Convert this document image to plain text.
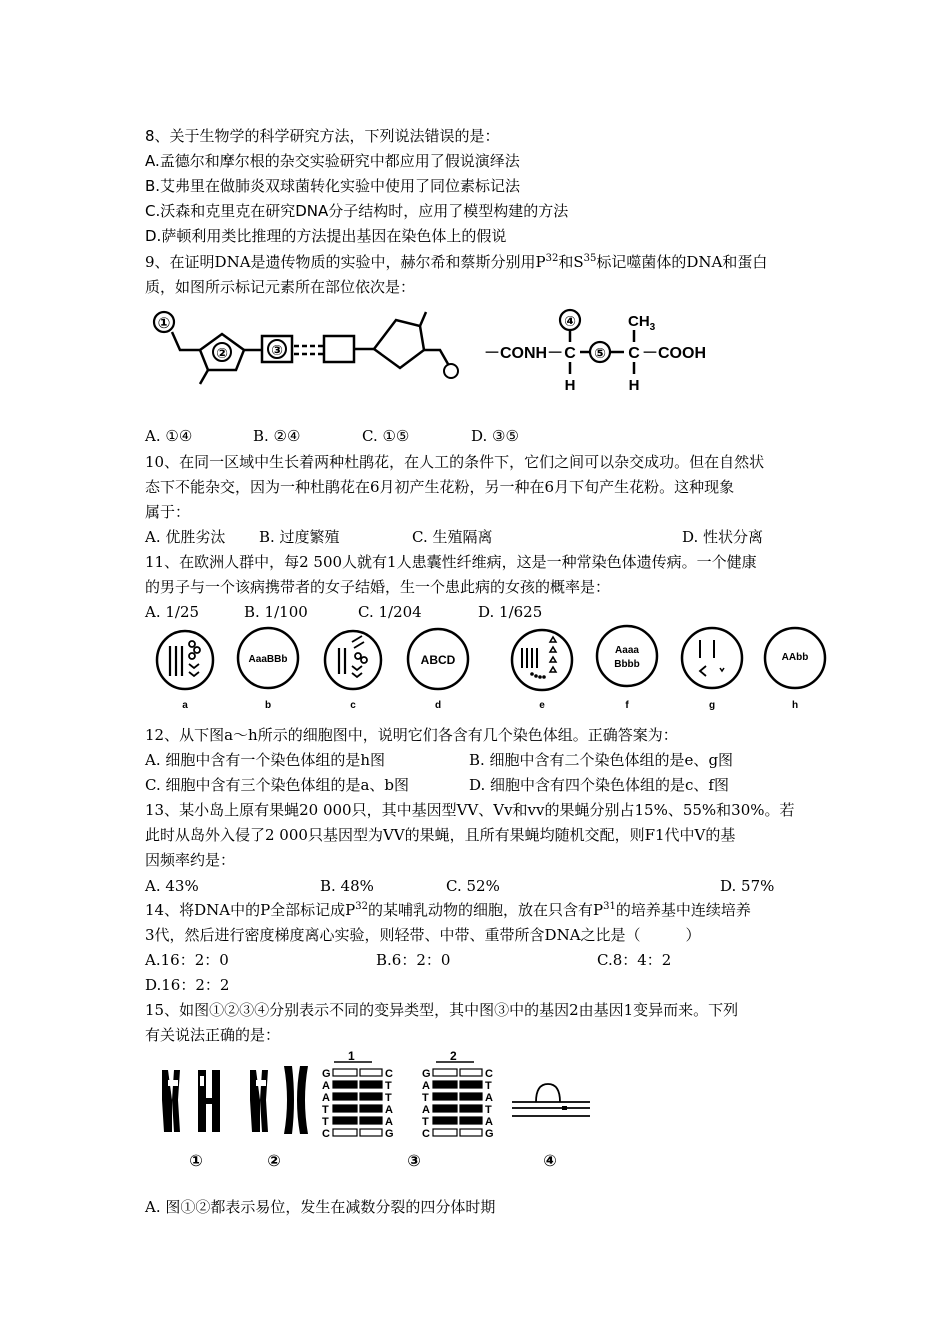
8、关于生物学的科学研究方法，下列说法错误的是：
A.孟德尔和摩尔根的杂交实验研究中都应用了假说演绎法
B.艾弗里在做肺炎双球菌转化实验中使用了同位素标记法
C.沃森和克里克在研究DNA分子结构时，应用了模型构建的方法
D.萨顿利用类比推理的方法提出基因在染色体上的假说
9、在证明DNA是遗传物质的实验中，赫尔希和蔡斯分别用$P^{32}$和$S^{35}$标记噬菌体的DNA和蛋白
质，如图所示标记元素所在部位依次是：
①
②	③	－CONH－
④
C
H
⑤
$CH_3$
C
H
－COOH
A. ①④	B. ②④	C. ①⑤	D. ③⑤
10、在同一区域中生长着两种杜鹃花，在人工的条件下，它们之间可以杂交成功。但在自然状
态下不能杂交，因为一种杜鹃花在6月初产生花粉，另一种在6月下旬产生花粉。这种现象
属于：
A. 优胜劣汰 B. 过度繁殖	C. 生殖隔离	D. 性状分离
11、在欧洲人群中，每2 500人就有1人患囊性纤维病，这是一种常染色体遗传病。一个健康
的男子与一个该病携带者的女子结婚，生一个患此病的女孩的概率是：
A. 1/25	B. 1/100	C. 1/204	D. 1/625
a
AaaBBb
b	c
ABCD
d	e
Aaaa
Bbbb
f	g
AAbb
h
12、从下图a～h所示的细胞图中，说明它们各含有几个染色体组。正确答案为：
A. 细胞中含有一个染色体组的是h图	B. 细胞中含有二个染色体组的是e、g图
C. 细胞中含有三个染色体组的是a、b图	D. 细胞中含有四个染色体组的是c、f图
13、某小岛上原有果蝇20 000只，其中基因型VV、Vv和vv的果蝇分别占15%、55%和30%。若
此时从岛外入侵了2 000只基因型为VV的果蝇，且所有果蝇均随机交配，则F1代中V的基
因频率约是：
A. 43%	B. 48%	C. 52%	D. 57%
14、将DNA中的P全部标记成$P^{32}$的某哺乳动物的细胞，放在只含有$P^{31}$的培养基中连续培养
3代，然后进行密度梯度离心实验，则轻带、中带、重带所含DNA之比是（　　　）
A.16：2：0	B.6：2：0	C.8：4：2
D.16：2：2
15、如图①②③④分别表示不同的变异类型，其中图③中的基因2由基因1变异而来。下列
有关说法正确的是：
①	②
1	2
G	C
A	T
A	T
T	A
T	A
C	G
G	C
A	T
T	A
A	T
T	A
C	G
③	④
A. 图①②都表示易位，发生在减数分裂的四分体时期
